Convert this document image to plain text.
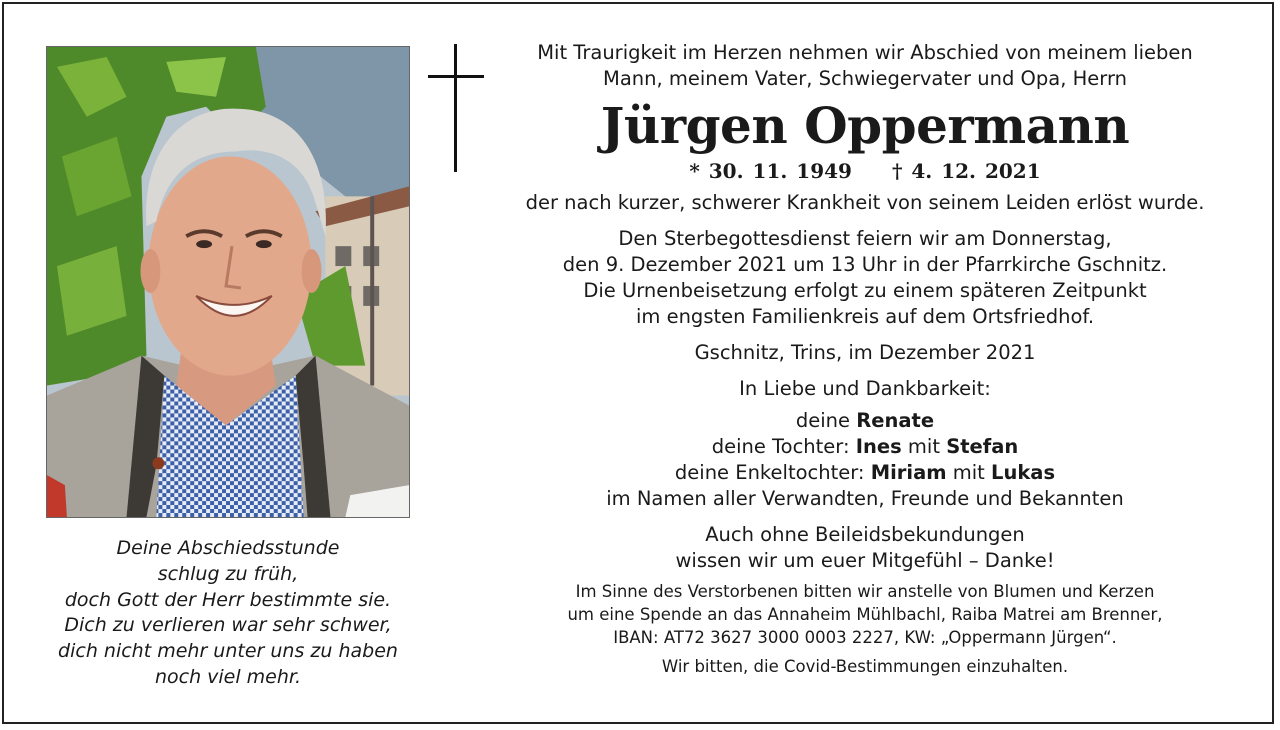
Deine Abschiedsstunde
schlug zu früh,
doch Gott der Herr bestimmte sie.
Dich zu verlieren war sehr schwer,
dich nicht mehr unter uns zu haben
noch viel mehr.
Mit Traurigkeit im Herzen nehmen wir Abschied von meinem lieben
Mann, meinem Vater, Schwiegervater und Opa, Herrn
Jürgen Oppermann
* 30. 11. 1949 † 4. 12. 2021
der nach kurzer, schwerer Krankheit von seinem Leiden erlöst wurde.
Den Sterbegottesdienst feiern wir am Donnerstag,
den 9. Dezember 2021 um 13 Uhr in der Pfarrkirche Gschnitz.
Die Urnenbeisetzung erfolgt zu einem späteren Zeitpunkt
im engsten Familienkreis auf dem Ortsfriedhof.
Gschnitz, Trins, im Dezember 2021
In Liebe und Dankbarkeit:
deine Renate
deine Tochter: Ines mit Stefan
deine Enkeltochter: Miriam mit Lukas
im Namen aller Verwandten, Freunde und Bekannten
Auch ohne Beileidsbekundungen
wissen wir um euer Mitgefühl – Danke!
Im Sinne des Verstorbenen bitten wir anstelle von Blumen und Kerzen
um eine Spende an das Annaheim Mühlbachl, Raiba Matrei am Brenner,
IBAN: AT72 3627 3000 0003 2227, KW: „Oppermann Jürgen“.
Wir bitten, die Covid-Bestimmungen einzuhalten.
